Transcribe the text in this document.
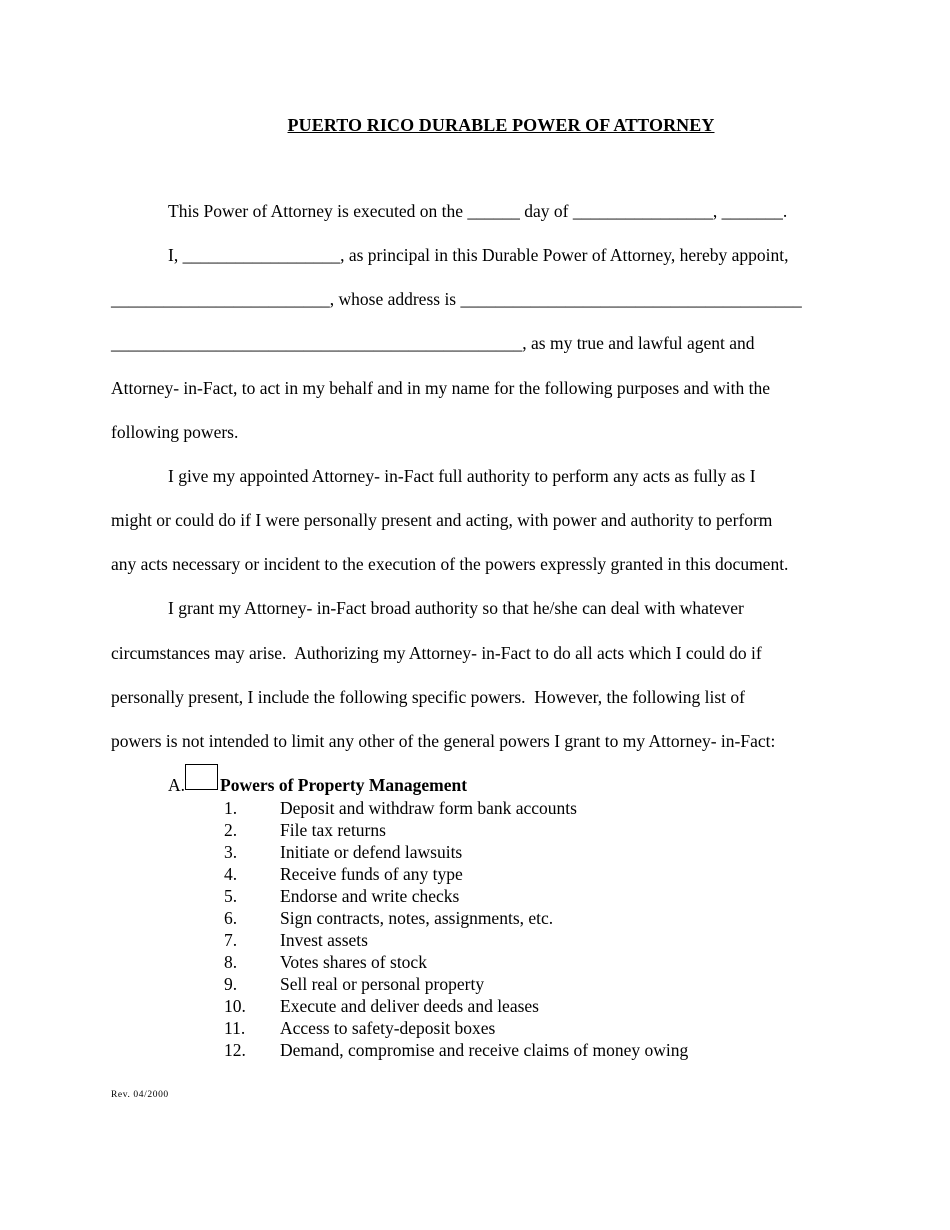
PUERTO RICO DURABLE POWER OF ATTORNEY
This Power of Attorney is executed on the ______ day of ________________, _______.
I, __________________, as principal in this Durable Power of Attorney, hereby appoint,
_________________________, whose address is _______________________________________
_______________________________________________, as my true and lawful agent and
Attorney- in-Fact, to act in my behalf and in my name for the following purposes and with the
following powers.
I give my appointed Attorney- in-Fact full authority to perform any acts as fully as I
might or could do if I were personally present and acting, with power and authority to perform
any acts necessary or incident to the execution of the powers expressly granted in this document.
I grant my Attorney- in-Fact broad authority so that he/she can deal with whatever
circumstances may arise.  Authorizing my Attorney- in-Fact to do all acts which I could do if
personally present, I include the following specific powers.  However, the following list of
powers is not intended to limit any other of the general powers I grant to my Attorney- in-Fact:
A. Powers of Property Management
1. Deposit and withdraw form bank accounts
2. File tax returns
3. Initiate or defend lawsuits
4. Receive funds of any type
5. Endorse and write checks
6. Sign contracts, notes, assignments, etc.
7. Invest assets
8. Votes shares of stock
9. Sell real or personal property
10. Execute and deliver deeds and leases
11. Access to safety-deposit boxes
12. Demand, compromise and receive claims of money owing
Rev. 04/2000
